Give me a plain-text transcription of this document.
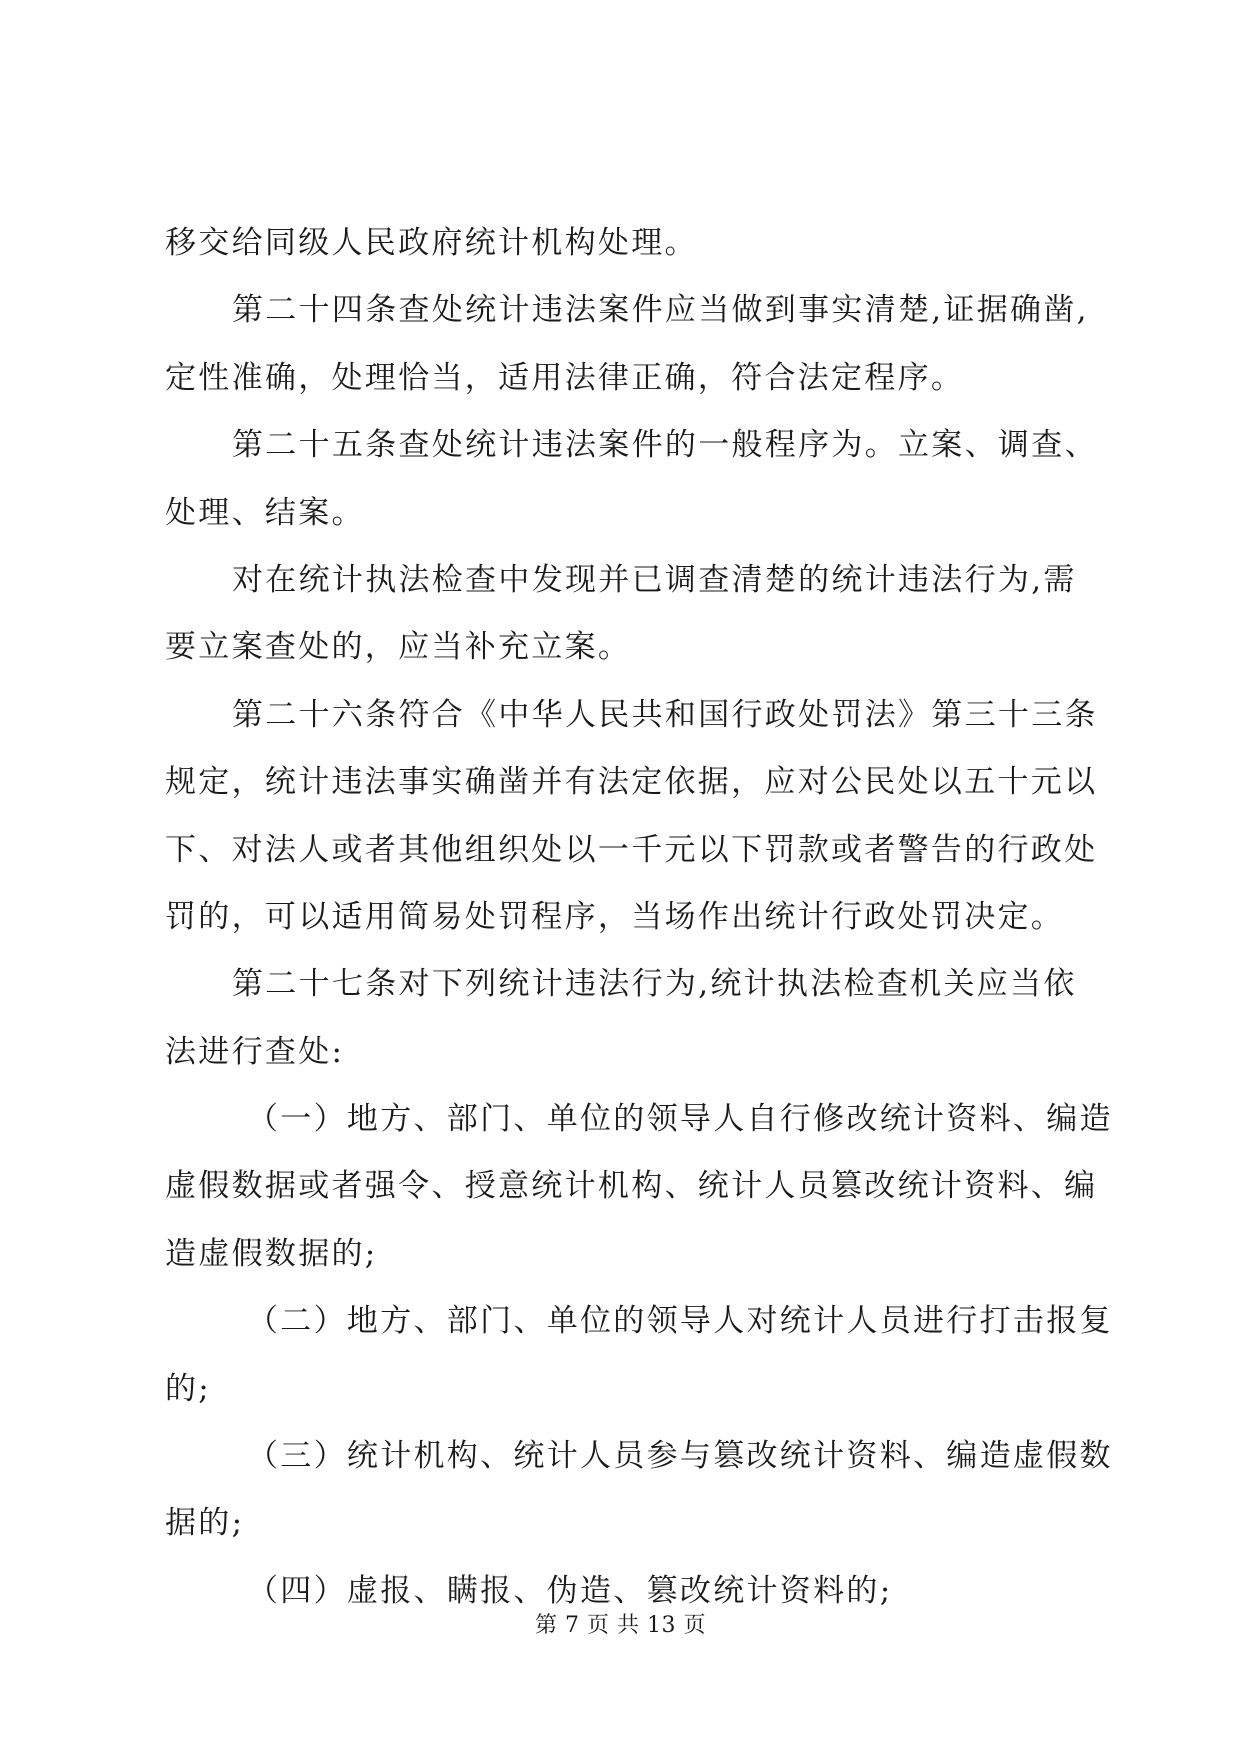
移交给同级人民政府统计机构处理。
第二十四条查处统计违法案件应当做到事实清楚,证据确凿,
定性准确，处理恰当，适用法律正确，符合法定程序。
第二十五条查处统计违法案件的一般程序为。立案、调查、
处理、结案。
对在统计执法检查中发现并已调查清楚的统计违法行为,需
要立案查处的，应当补充立案。
第二十六条符合《中华人民共和国行政处罚法》第三十三条
规定，统计违法事实确凿并有法定依据，应对公民处以五十元以
下、对法人或者其他组织处以一千元以下罚款或者警告的行政处
罚的，可以适用简易处罚程序，当场作出统计行政处罚决定。
第二十七条对下列统计违法行为,统计执法检查机关应当依
法进行查处:
（一）地方、部门、单位的领导人自行修改统计资料、编造
虚假数据或者强令、授意统计机构、统计人员篡改统计资料、编
造虚假数据的;
（二）地方、部门、单位的领导人对统计人员进行打击报复
的;
（三）统计机构、统计人员参与篡改统计资料、编造虚假数
据的;
（四）虚报、瞒报、伪造、篡改统计资料的;
第 7 页 共 13 页
